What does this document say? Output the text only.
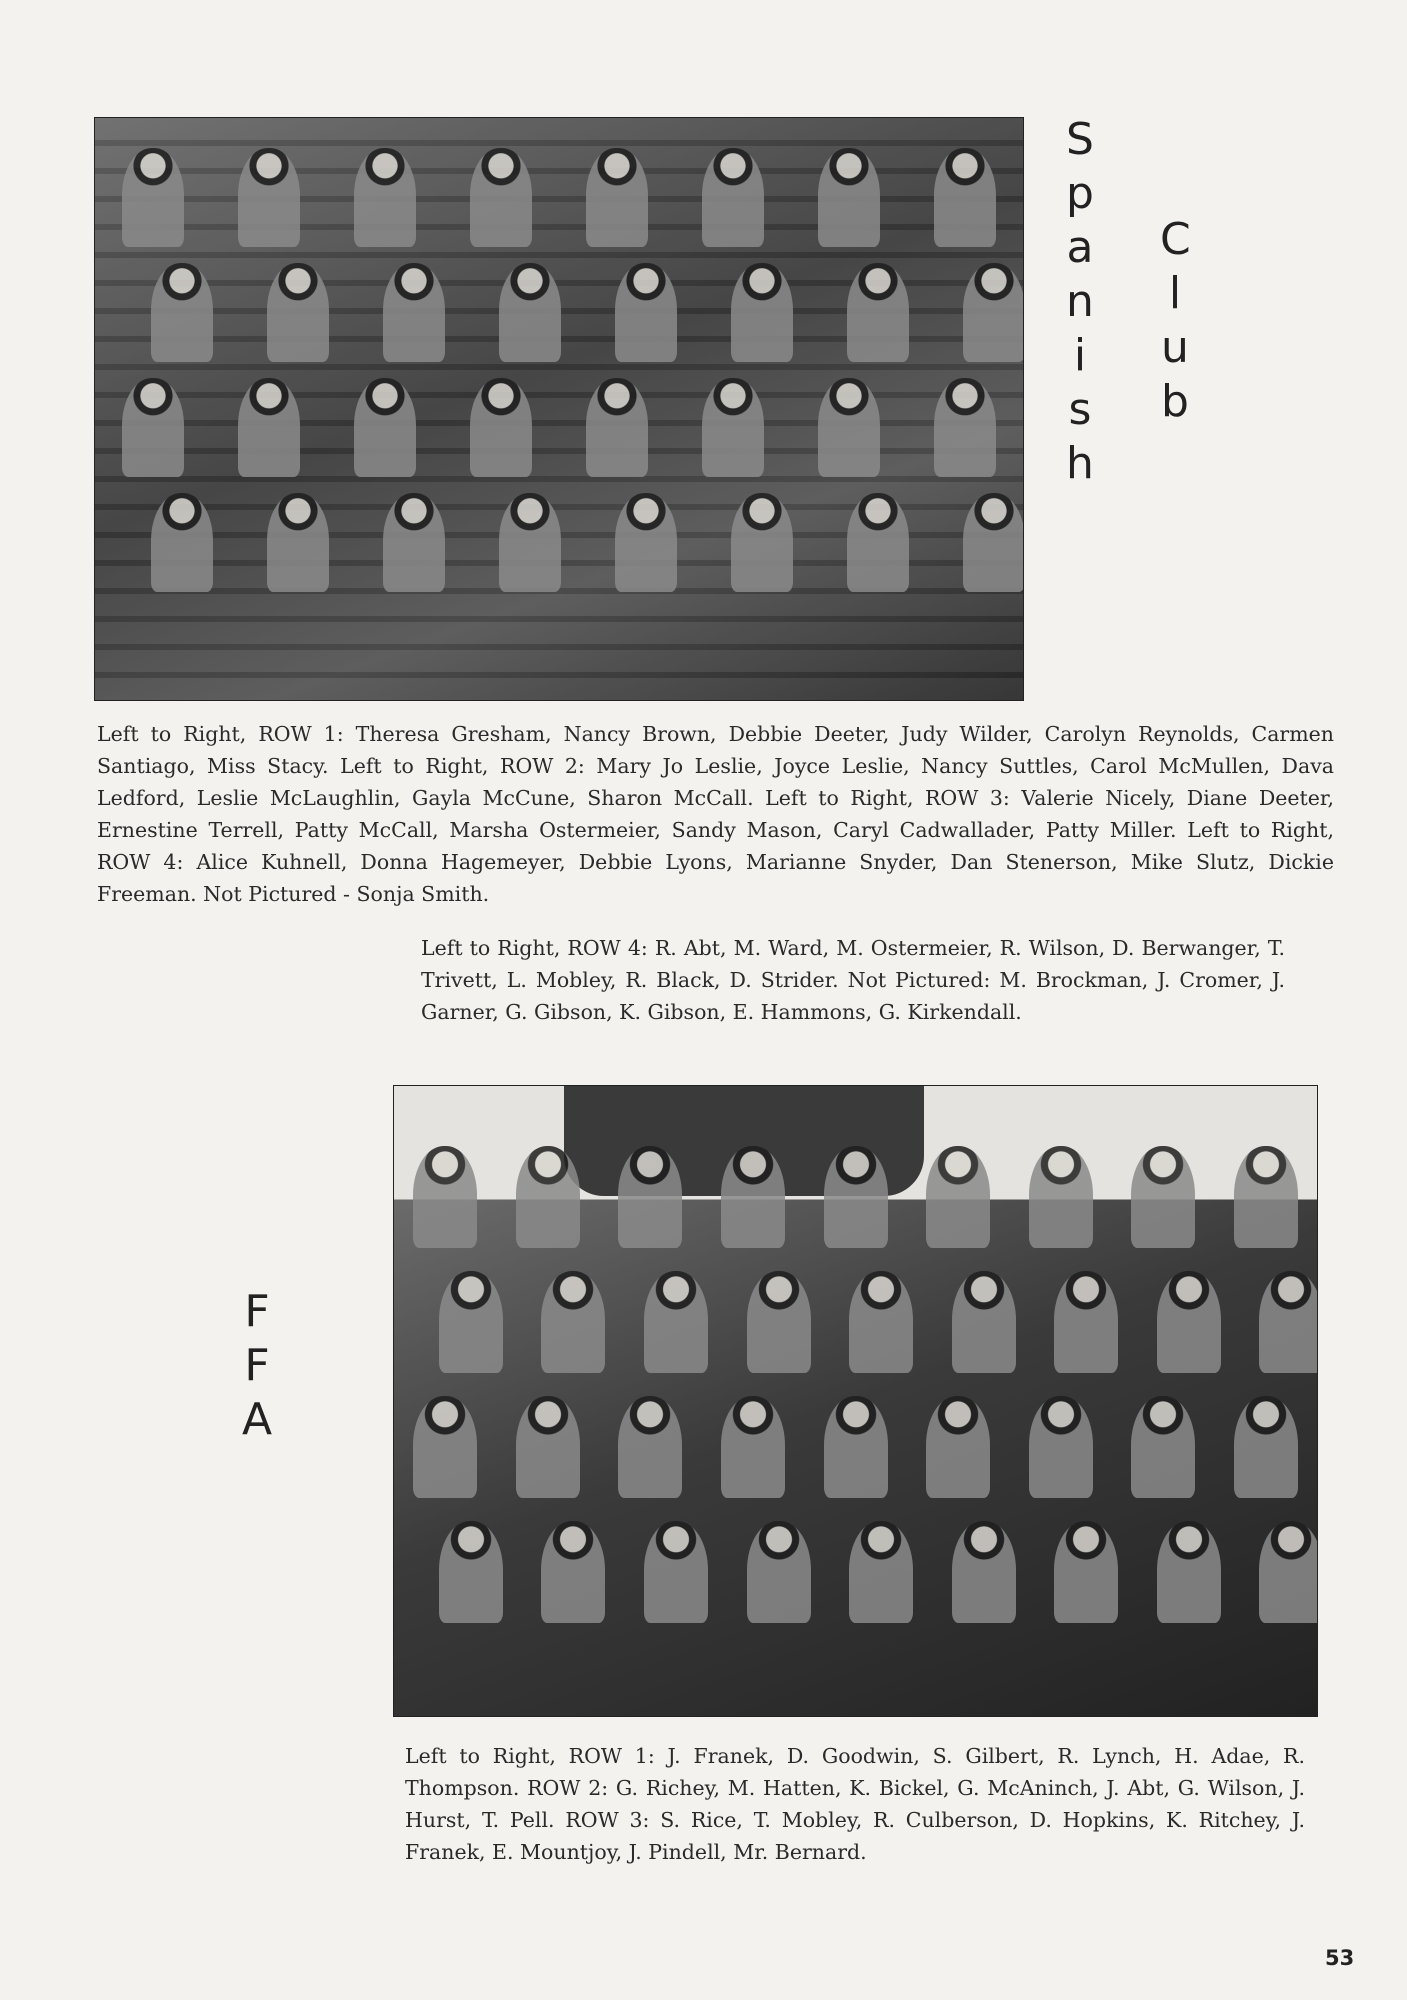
S
p
a
n
i
s
h
C
l
u
b
Left to Right, ROW 1: Theresa Gresham, Nancy Brown, Debbie Deeter, Judy Wilder, Carolyn Reynolds, Carmen Santiago, Miss Stacy. Left to Right, ROW 2: Mary Jo Leslie, Joyce Leslie, Nancy Suttles, Carol McMullen, Dava Ledford, Leslie McLaughlin, Gayla McCune, Sharon McCall. Left to Right, ROW 3: Valerie Nicely, Diane Deeter, Ernestine Terrell, Patty McCall, Marsha Ostermeier, Sandy Mason, Caryl Cadwallader, Patty Miller. Left to Right, ROW 4: Alice Kuhnell, Donna Hagemeyer, Debbie Lyons, Marianne Snyder, Dan Stenerson, Mike Slutz, Dickie Freeman. Not Pictured - Sonja Smith.
Left to Right, ROW 4: R. Abt, M. Ward, M. Ostermeier, R. Wilson, D. Berwanger, T. Trivett, L. Mobley, R. Black, D. Strider. Not Pictured: M. Brockman, J. Cromer, J. Garner, G. Gibson, K. Gibson, E. Hammons, G. Kirkendall.
F
F
A
Left to Right, ROW 1: J. Franek, D. Goodwin, S. Gilbert, R. Lynch, H. Adae, R. Thompson. ROW 2: G. Richey, M. Hatten, K. Bickel, G. McAninch, J. Abt, G. Wilson, J. Hurst, T. Pell. ROW 3: S. Rice, T. Mobley, R. Culberson, D. Hopkins, K. Ritchey, J. Franek, E. Mountjoy, J. Pindell, Mr. Bernard.
53
